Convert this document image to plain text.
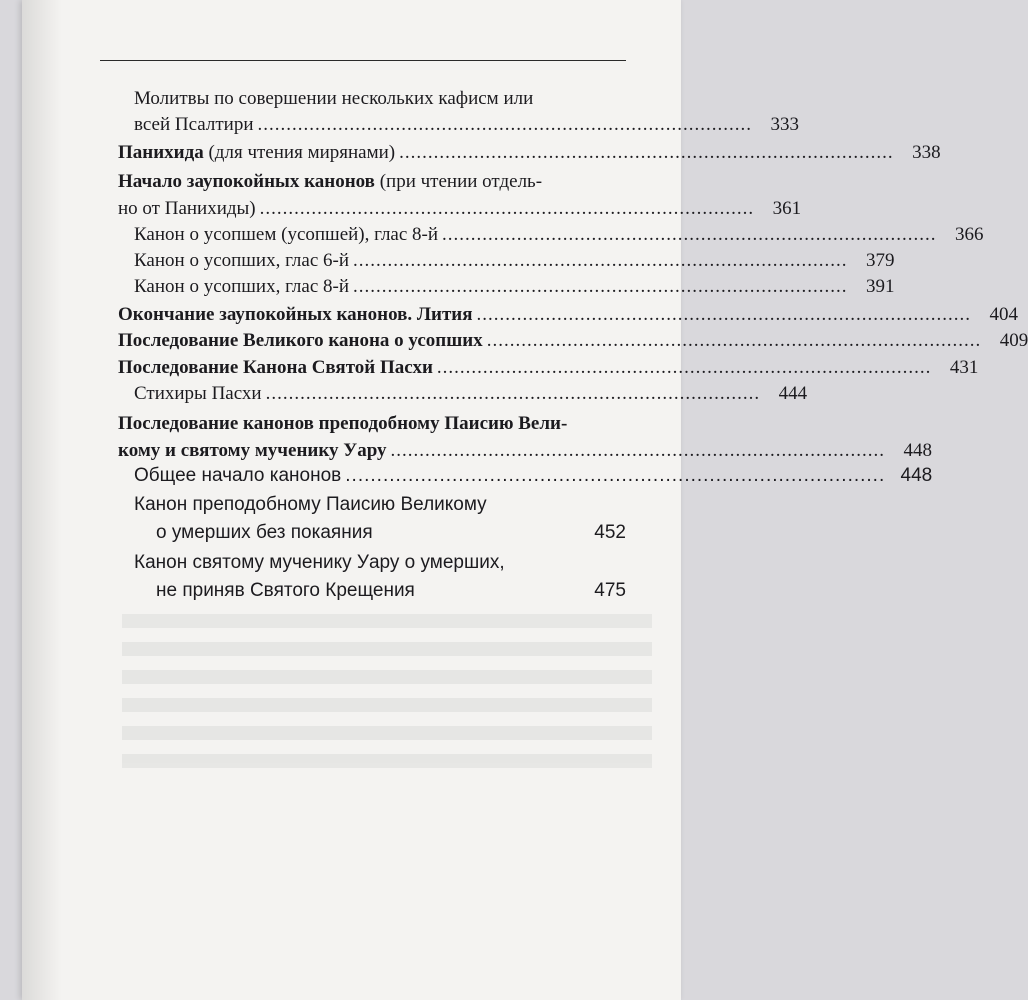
Молитвы по совершении нескольких кафисм или
всей Псалтири ...................................................................................... 333
Панихида (для чтения мирянами) ...................................................................................... 338
Начало заупокойных канонов (при чтении отдель-
но от Панихиды) ...................................................................................... 361
Канон о усопшем (усопшей), глас 8-й ...................................................................................... 366
Канон о усопших, глас 6-й ...................................................................................... 379
Канон о усопших, глас 8-й ...................................................................................... 391
Окончание заупокойных канонов. Лития ...................................................................................... 404
Последование Великого канона о усопших ...................................................................................... 409
Последование Канона Святой Пасхи ...................................................................................... 431
Стихиры Пасхи ...................................................................................... 444
Последование канонов преподобному Паисию Вели-
кому и святому мученику Уару ...................................................................................... 448
Общее начало канонов ...................................................................................... 448
Канон преподобному Паисию Великому
о умерших без покаяния	452
Канон святому мученику Уару о умерших,
не приняв Святого Крещения	475
